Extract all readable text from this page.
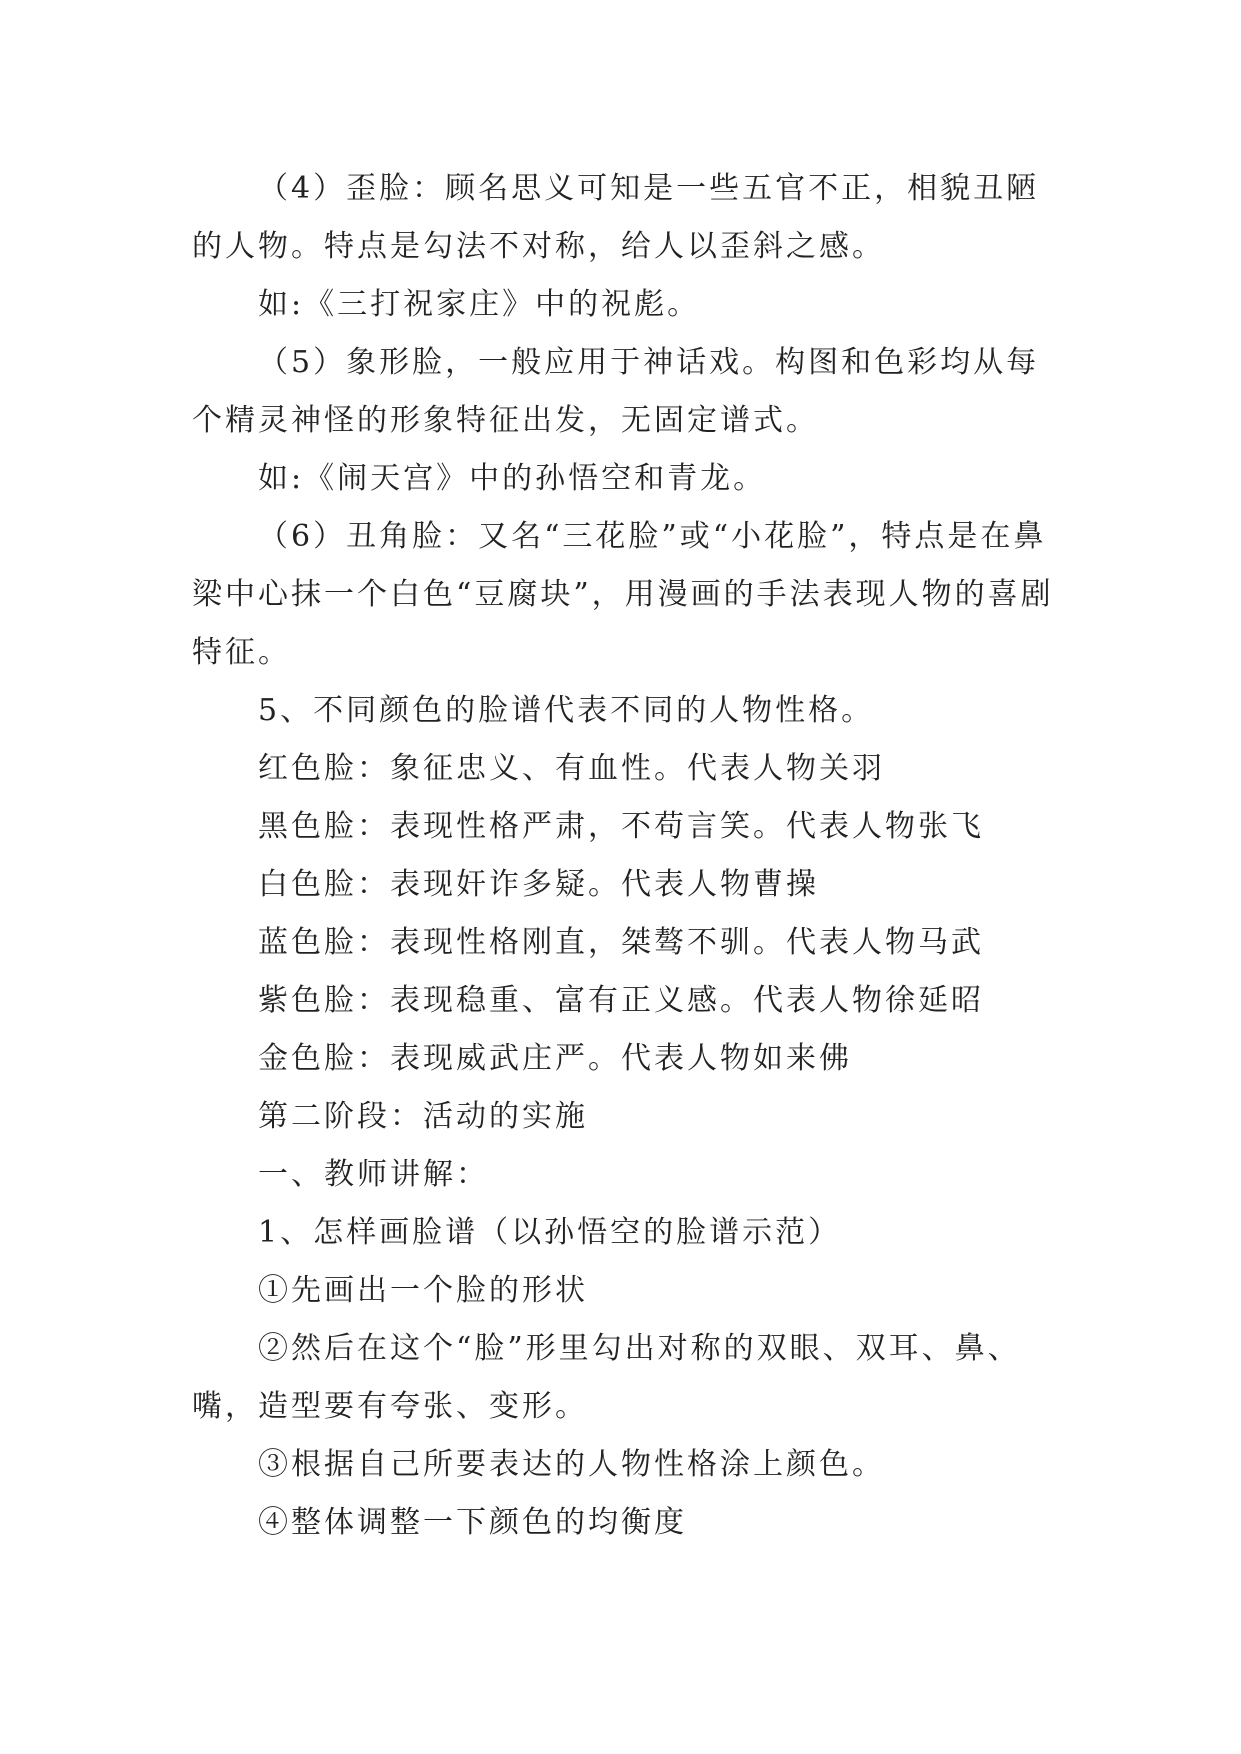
（4）歪脸：顾名思义可知是一些五官不正，相貌丑陋的人物。特点是勾法不对称，给人以歪斜之感。

如:《三打祝家庄》中的祝彪。

（5）象形脸，一般应用于神话戏。构图和色彩均从每个精灵神怪的形象特征出发，无固定谱式。

如:《闹天宫》中的孙悟空和青龙。

（6）丑角脸：又名“三花脸”或“小花脸”，特点是在鼻梁中心抹一个白色“豆腐块”，用漫画的手法表现人物的喜剧特征。

5、不同颜色的脸谱代表不同的人物性格。

红色脸：象征忠义、有血性。代表人物关羽

黑色脸：表现性格严肃，不苟言笑。代表人物张飞

白色脸：表现奸诈多疑。代表人物曹操

蓝色脸：表现性格刚直，桀骜不驯。代表人物马武

紫色脸：表现稳重、富有正义感。代表人物徐延昭

金色脸：表现威武庄严。代表人物如来佛

第二阶段：活动的实施

一、教师讲解：

1、怎样画脸谱（以孙悟空的脸谱示范）

①先画出一个脸的形状

②然后在这个“脸”形里勾出对称的双眼、双耳、鼻、嘴，造型要有夸张、变形。

③根据自己所要表达的人物性格涂上颜色。

④整体调整一下颜色的均衡度
